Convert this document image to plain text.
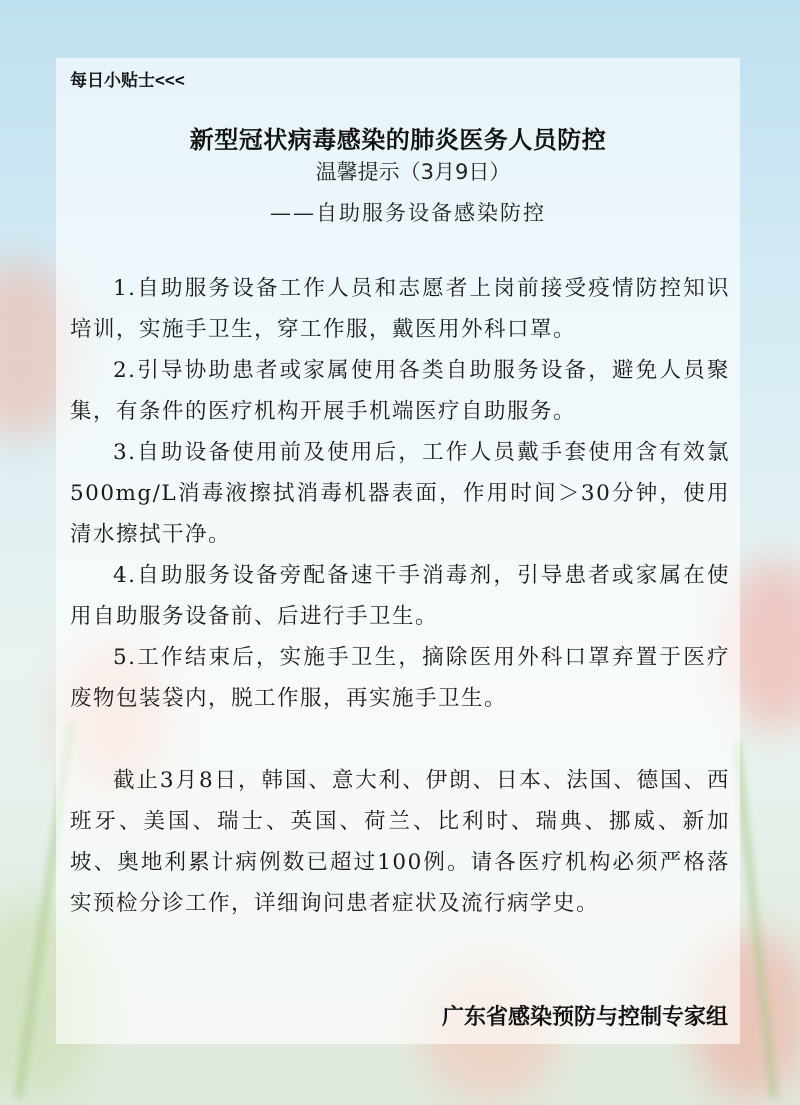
每日小贴士<<<
新型冠状病毒感染的肺炎医务人员防控
温馨提示（3月9日）
——自助服务设备感染防控

1.自助服务设备工作人员和志愿者上岗前接受疫情防控知识培训，实施手卫生，穿工作服，戴医用外科口罩。

2.引导协助患者或家属使用各类自助服务设备，避免人员聚集，有条件的医疗机构开展手机端医疗自助服务。

3.自助设备使用前及使用后，工作人员戴手套使用含有效氯500mg/L消毒液擦拭消毒机器表面，作用时间＞30分钟，使用清水擦拭干净。

4.自助服务设备旁配备速干手消毒剂，引导患者或家属在使用自助服务设备前、后进行手卫生。

5.工作结束后，实施手卫生，摘除医用外科口罩弃置于医疗废物包装袋内，脱工作服，再实施手卫生。

截止3月8日，韩国、意大利、伊朗、日本、法国、德国、西班牙、美国、瑞士、英国、荷兰、比利时、瑞典、挪威、新加坡、奥地利累计病例数已超过100例。请各医疗机构必须严格落实预检分诊工作，详细询问患者症状及流行病学史。

广东省感染预防与控制专家组
